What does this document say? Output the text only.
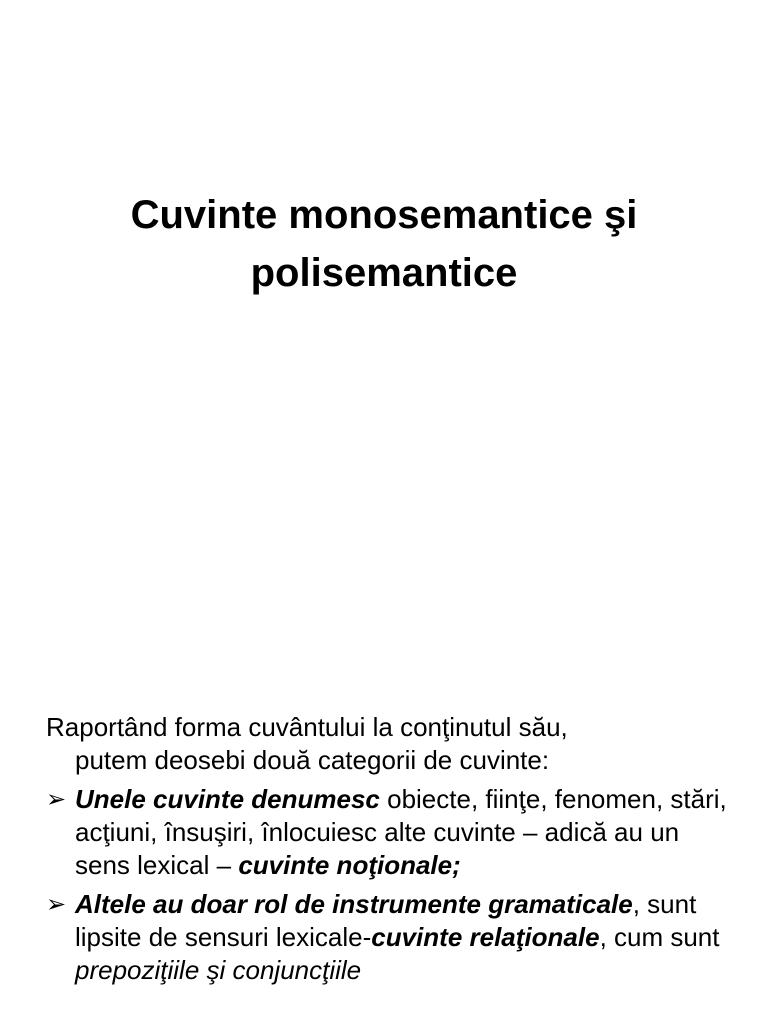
Cuvinte monosemantice şi
polisemantice

Raportând forma cuvântului la conţinutul său,
putem deosebi două categorii de cuvinte:

➢ Unele cuvinte denumesc obiecte, fiinţe, fenomen, stări, acţiuni, însuşiri, înlocuiesc alte cuvinte – adică au un sens lexical – cuvinte noţionale;

➢ Altele au doar rol de instrumente gramaticale, sunt lipsite de sensuri lexicale-cuvinte relaţionale, cum sunt prepoziţiile şi conjuncţiile
